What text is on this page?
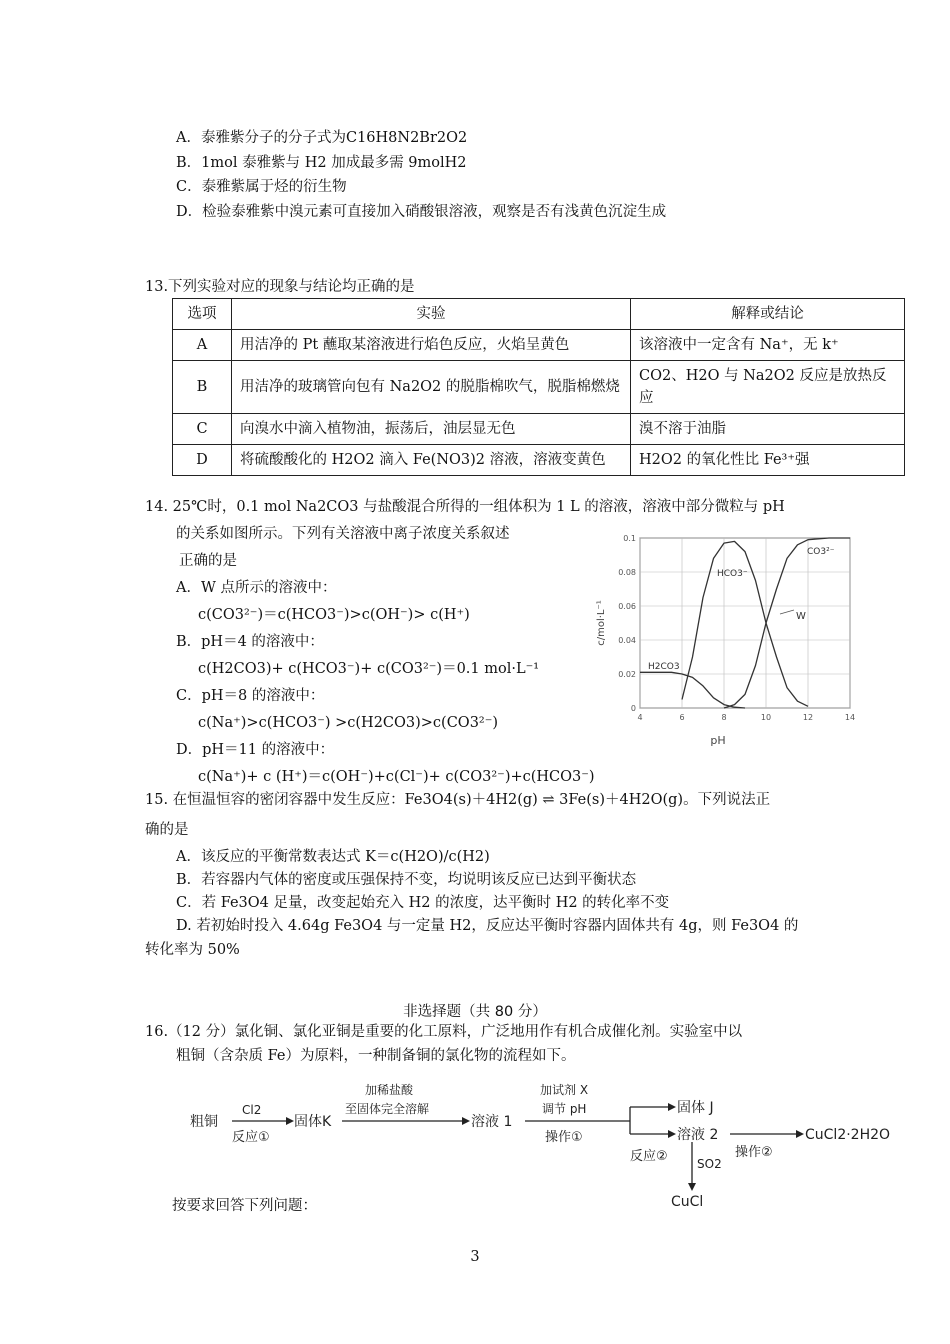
A．泰雅紫分子的分子式为C16H8N2Br2O2
B．1mol 泰雅紫与 H2 加成最多需 9molH2
C．泰雅紫属于烃的衍生物
D．检验泰雅紫中溴元素可直接加入硝酸银溶液，观察是否有浅黄色沉淀生成
13.下列实验对应的现象与结论均正确的是
选项	实验	解释或结论
A	用洁净的 Pt 蘸取某溶液进行焰色反应，火焰呈黄色	该溶液中一定含有 Na⁺，无 k⁺
B	用洁净的玻璃管向包有 Na2O2 的脱脂棉吹气，脱脂棉燃烧	CO2、H2O 与 Na2O2 反应是放热反应
C	向溴水中滴入植物油，振荡后，油层显无色	溴不溶于油脂
D	将硫酸酸化的 H2O2 滴入 Fe(NO3)2 溶液，溶液变黄色	H2O2 的氧化性比 Fe³⁺强
14. 25℃时，0.1 mol Na2CO3 与盐酸混合所得的一组体积为 1 L 的溶液，溶液中部分微粒与 pH
的关系如图所示。下列有关溶液中离子浓度关系叙述
正确的是
A．W 点所示的溶液中：
c(CO3²⁻)＝c(HCO3⁻)>c(OH⁻)> c(H⁺)
B．pH＝4 的溶液中：
c(H2CO3)+ c(HCO3⁻)+ c(CO3²⁻)＝0.1 mol·L⁻¹
C．pH＝8 的溶液中：
c(Na⁺)>c(HCO3⁻) >c(H2CO3)>c(CO3²⁻)
D．pH＝11 的溶液中：
c(Na⁺)+ c (H⁺)＝c(OH⁻)+c(Cl⁻)+ c(CO3²⁻)+c(HCO3⁻)
4	6	8	10	12	14
0
0.02
0.04
0.06
0.08
0.1
c/mol·L⁻¹
pH
HCO3⁻
CO3²⁻
H2CO3
W
15. 在恒温恒容的密闭容器中发生反应：Fe3O4(s)＋4H2(g) ⇌ 3Fe(s)＋4H2O(g)。下列说法正
确的是
A．该反应的平衡常数表达式 K＝c(H2O)/c(H2)
B．若容器内气体的密度或压强保持不变，均说明该反应已达到平衡状态
C．若 Fe3O4 足量，改变起始充入 H2 的浓度，达平衡时 H2 的转化率不变
D. 若初始时投入 4.64g Fe3O4 与一定量 H2，反应达平衡时容器内固体共有 4g，则 Fe3O4 的
转化率为 50%
非选择题（共 80 分）
16.（12 分）氯化铜、氯化亚铜是重要的化工原料，广泛地用作有机合成催化剂。实验室中以
粗铜（含杂质 Fe）为原料，一种制备铜的氯化物的流程如下。
粗铜
Cl2
反应①
固体K
加稀盐酸
至固体完全溶解
溶液 1
加试剂 X
调节 pH
操作①
固体 J
溶液 2
操作②
CuCl2·2H2O
反应② SO2
CuCl
按要求回答下列问题：
3
